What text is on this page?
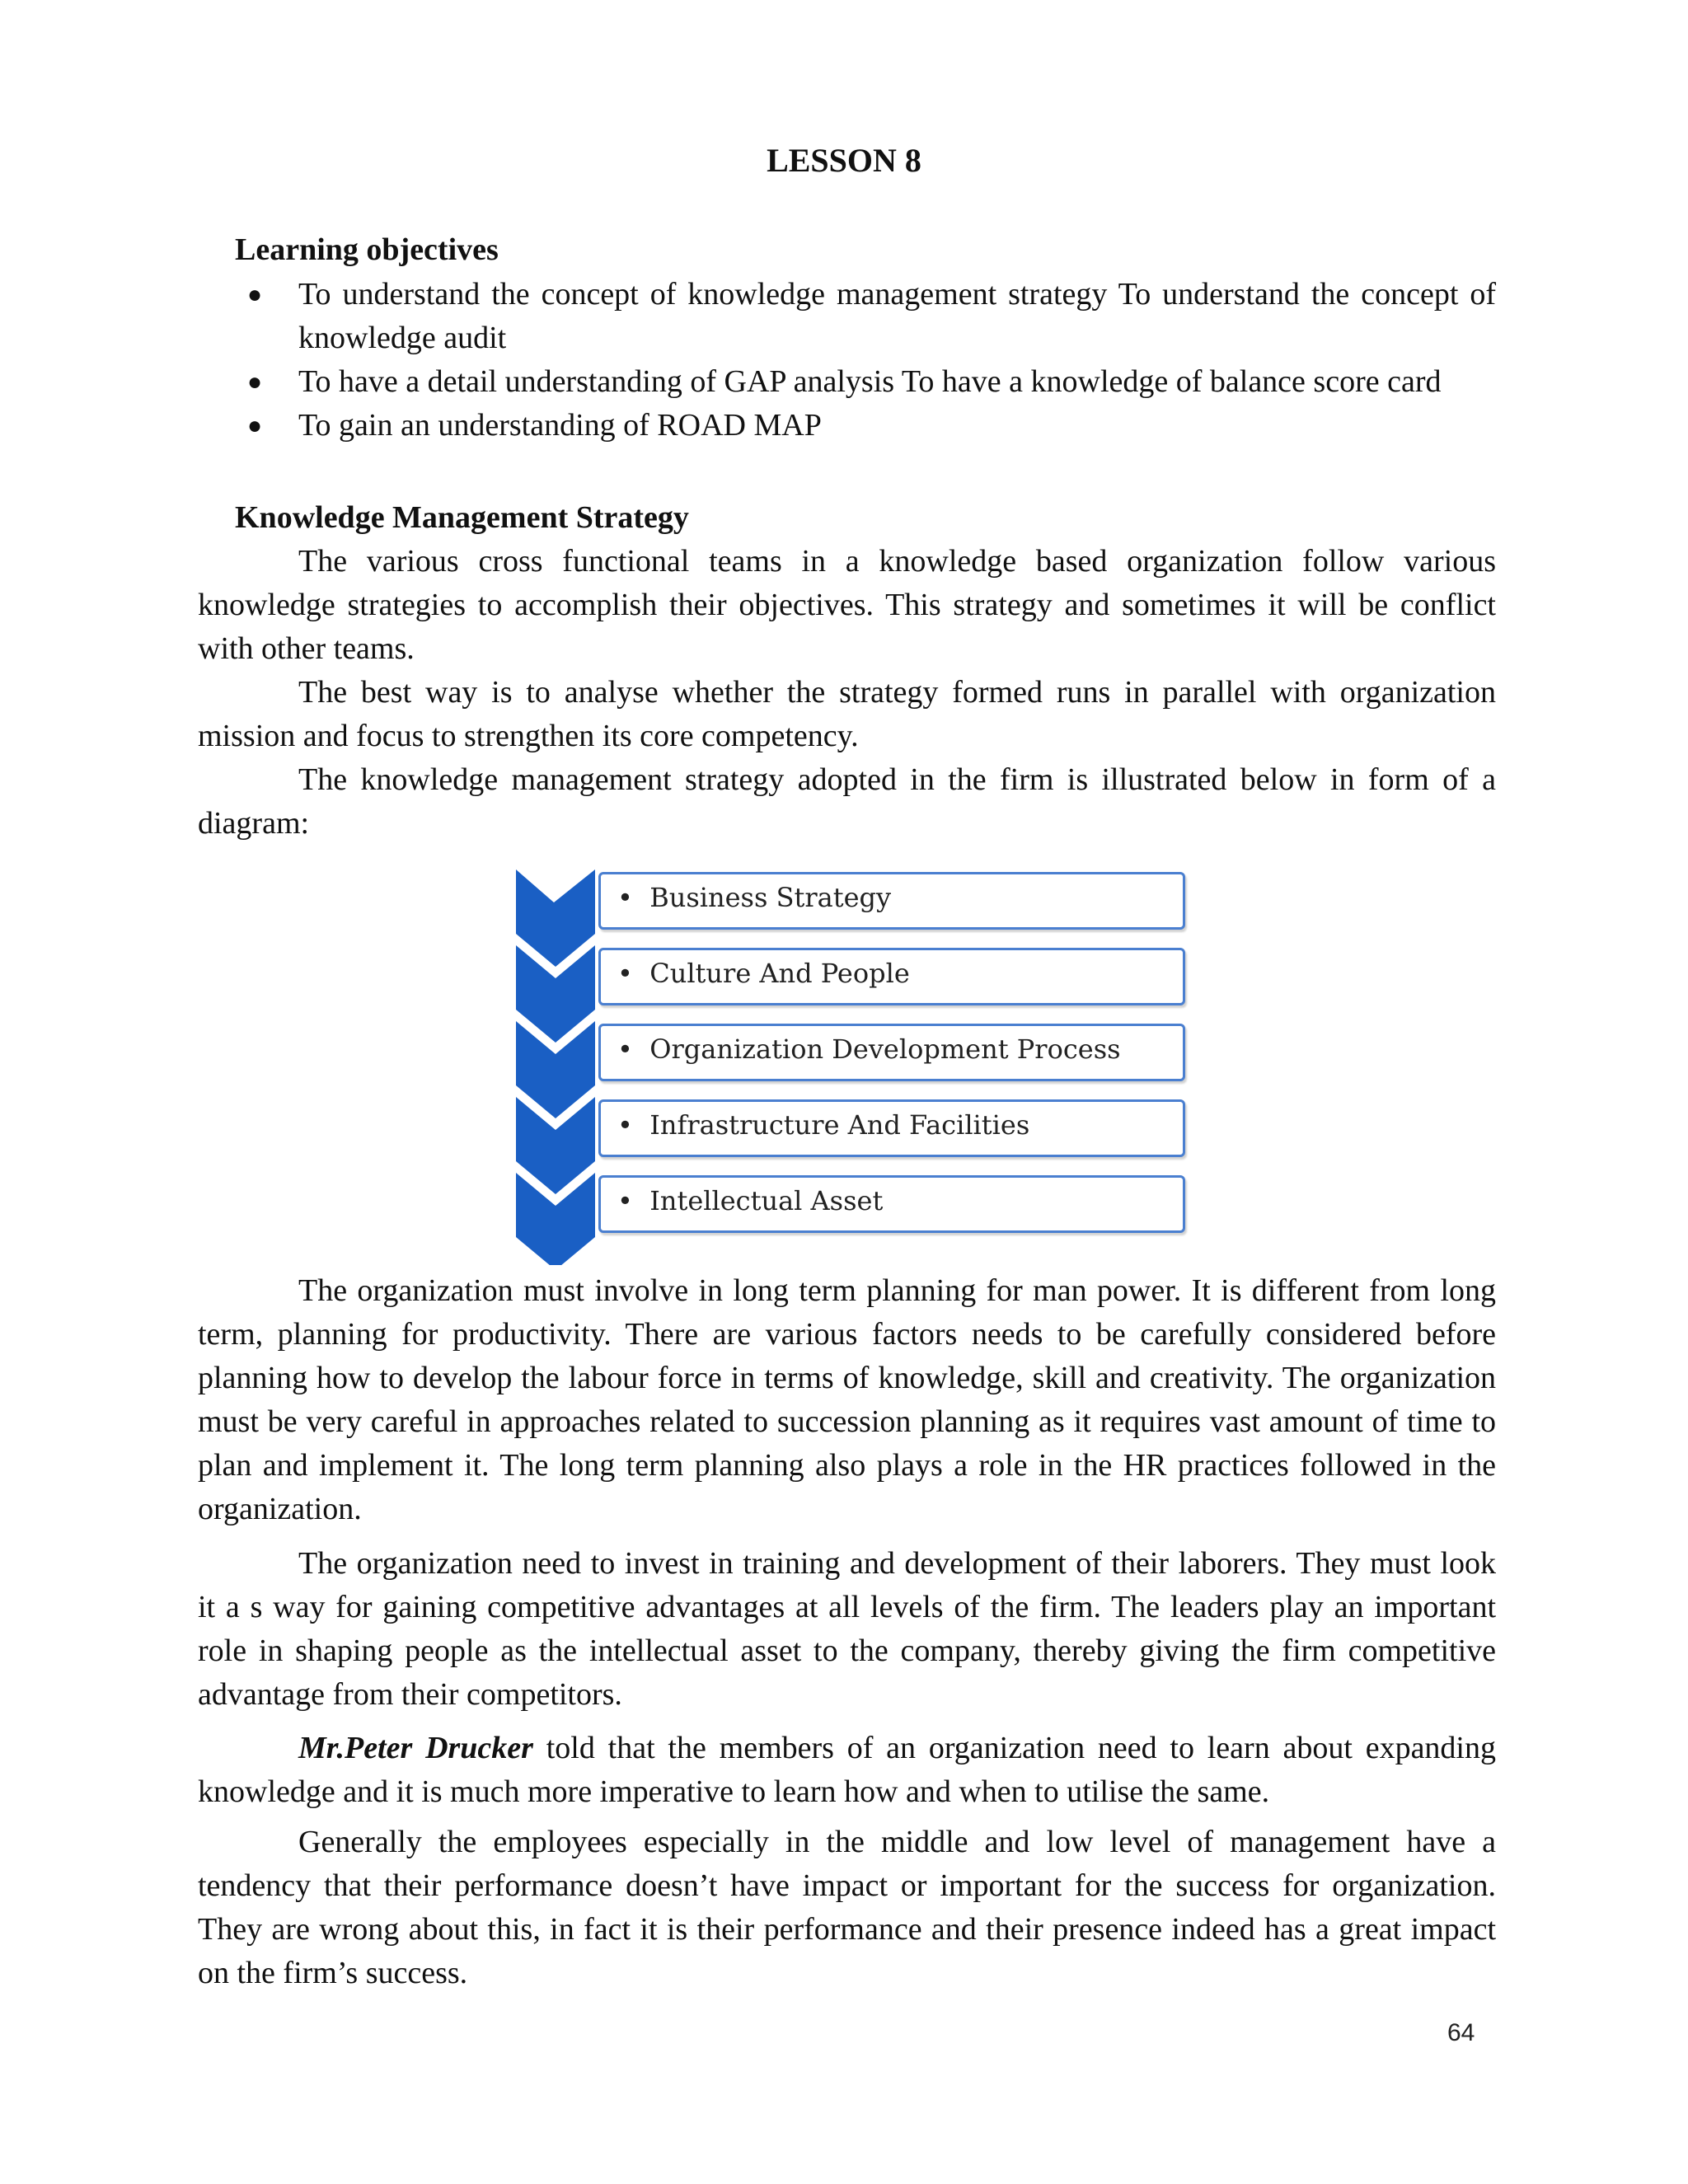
LESSON 8
Learning objectives
●	To understand the concept of knowledge management strategy To understand the concept of knowledge audit
●	To have a detail understanding of GAP analysis To have a knowledge of balance score card
●	To gain an understanding of ROAD MAP
Knowledge Management Strategy

The various cross functional teams in a knowledge based organization follow various knowledge strategies to accomplish their objectives. This strategy and sometimes it will be conflict with other teams.

The best way is to analyse whether the strategy formed runs in parallel with organization mission and focus to strengthen its core competency.

The knowledge management strategy adopted in the firm is illustrated below in form of a diagram:

• Business Strategy
• Culture And People
• Organization Development Process
• Infrastructure And Facilities
• Intellectual Asset

The organization must involve in long term planning for man power. It is different from long term, planning for productivity. There are various factors needs to be carefully considered before planning how to develop the labour force in terms of knowledge, skill and creativity. The organization must be very careful in approaches related to succession planning as it requires vast amount of time to plan and implement it. The long term planning also plays a role in the HR practices followed in the organization.

The organization need to invest in training and development of their laborers. They must look it a s way for gaining competitive advantages at all levels of the firm. The leaders play an important role in shaping people as the intellectual asset to the company, thereby giving the firm competitive advantage from their competitors.

Mr.Peter Drucker told that the members of an organization need to learn about expanding knowledge and it is much more imperative to learn how and when to utilise the same.

Generally the employees especially in the middle and low level of management have a tendency that their performance doesn’t have impact or important for the success for organization. They are wrong about this, in fact it is their performance and their presence indeed has a great impact on the firm’s success.

64
